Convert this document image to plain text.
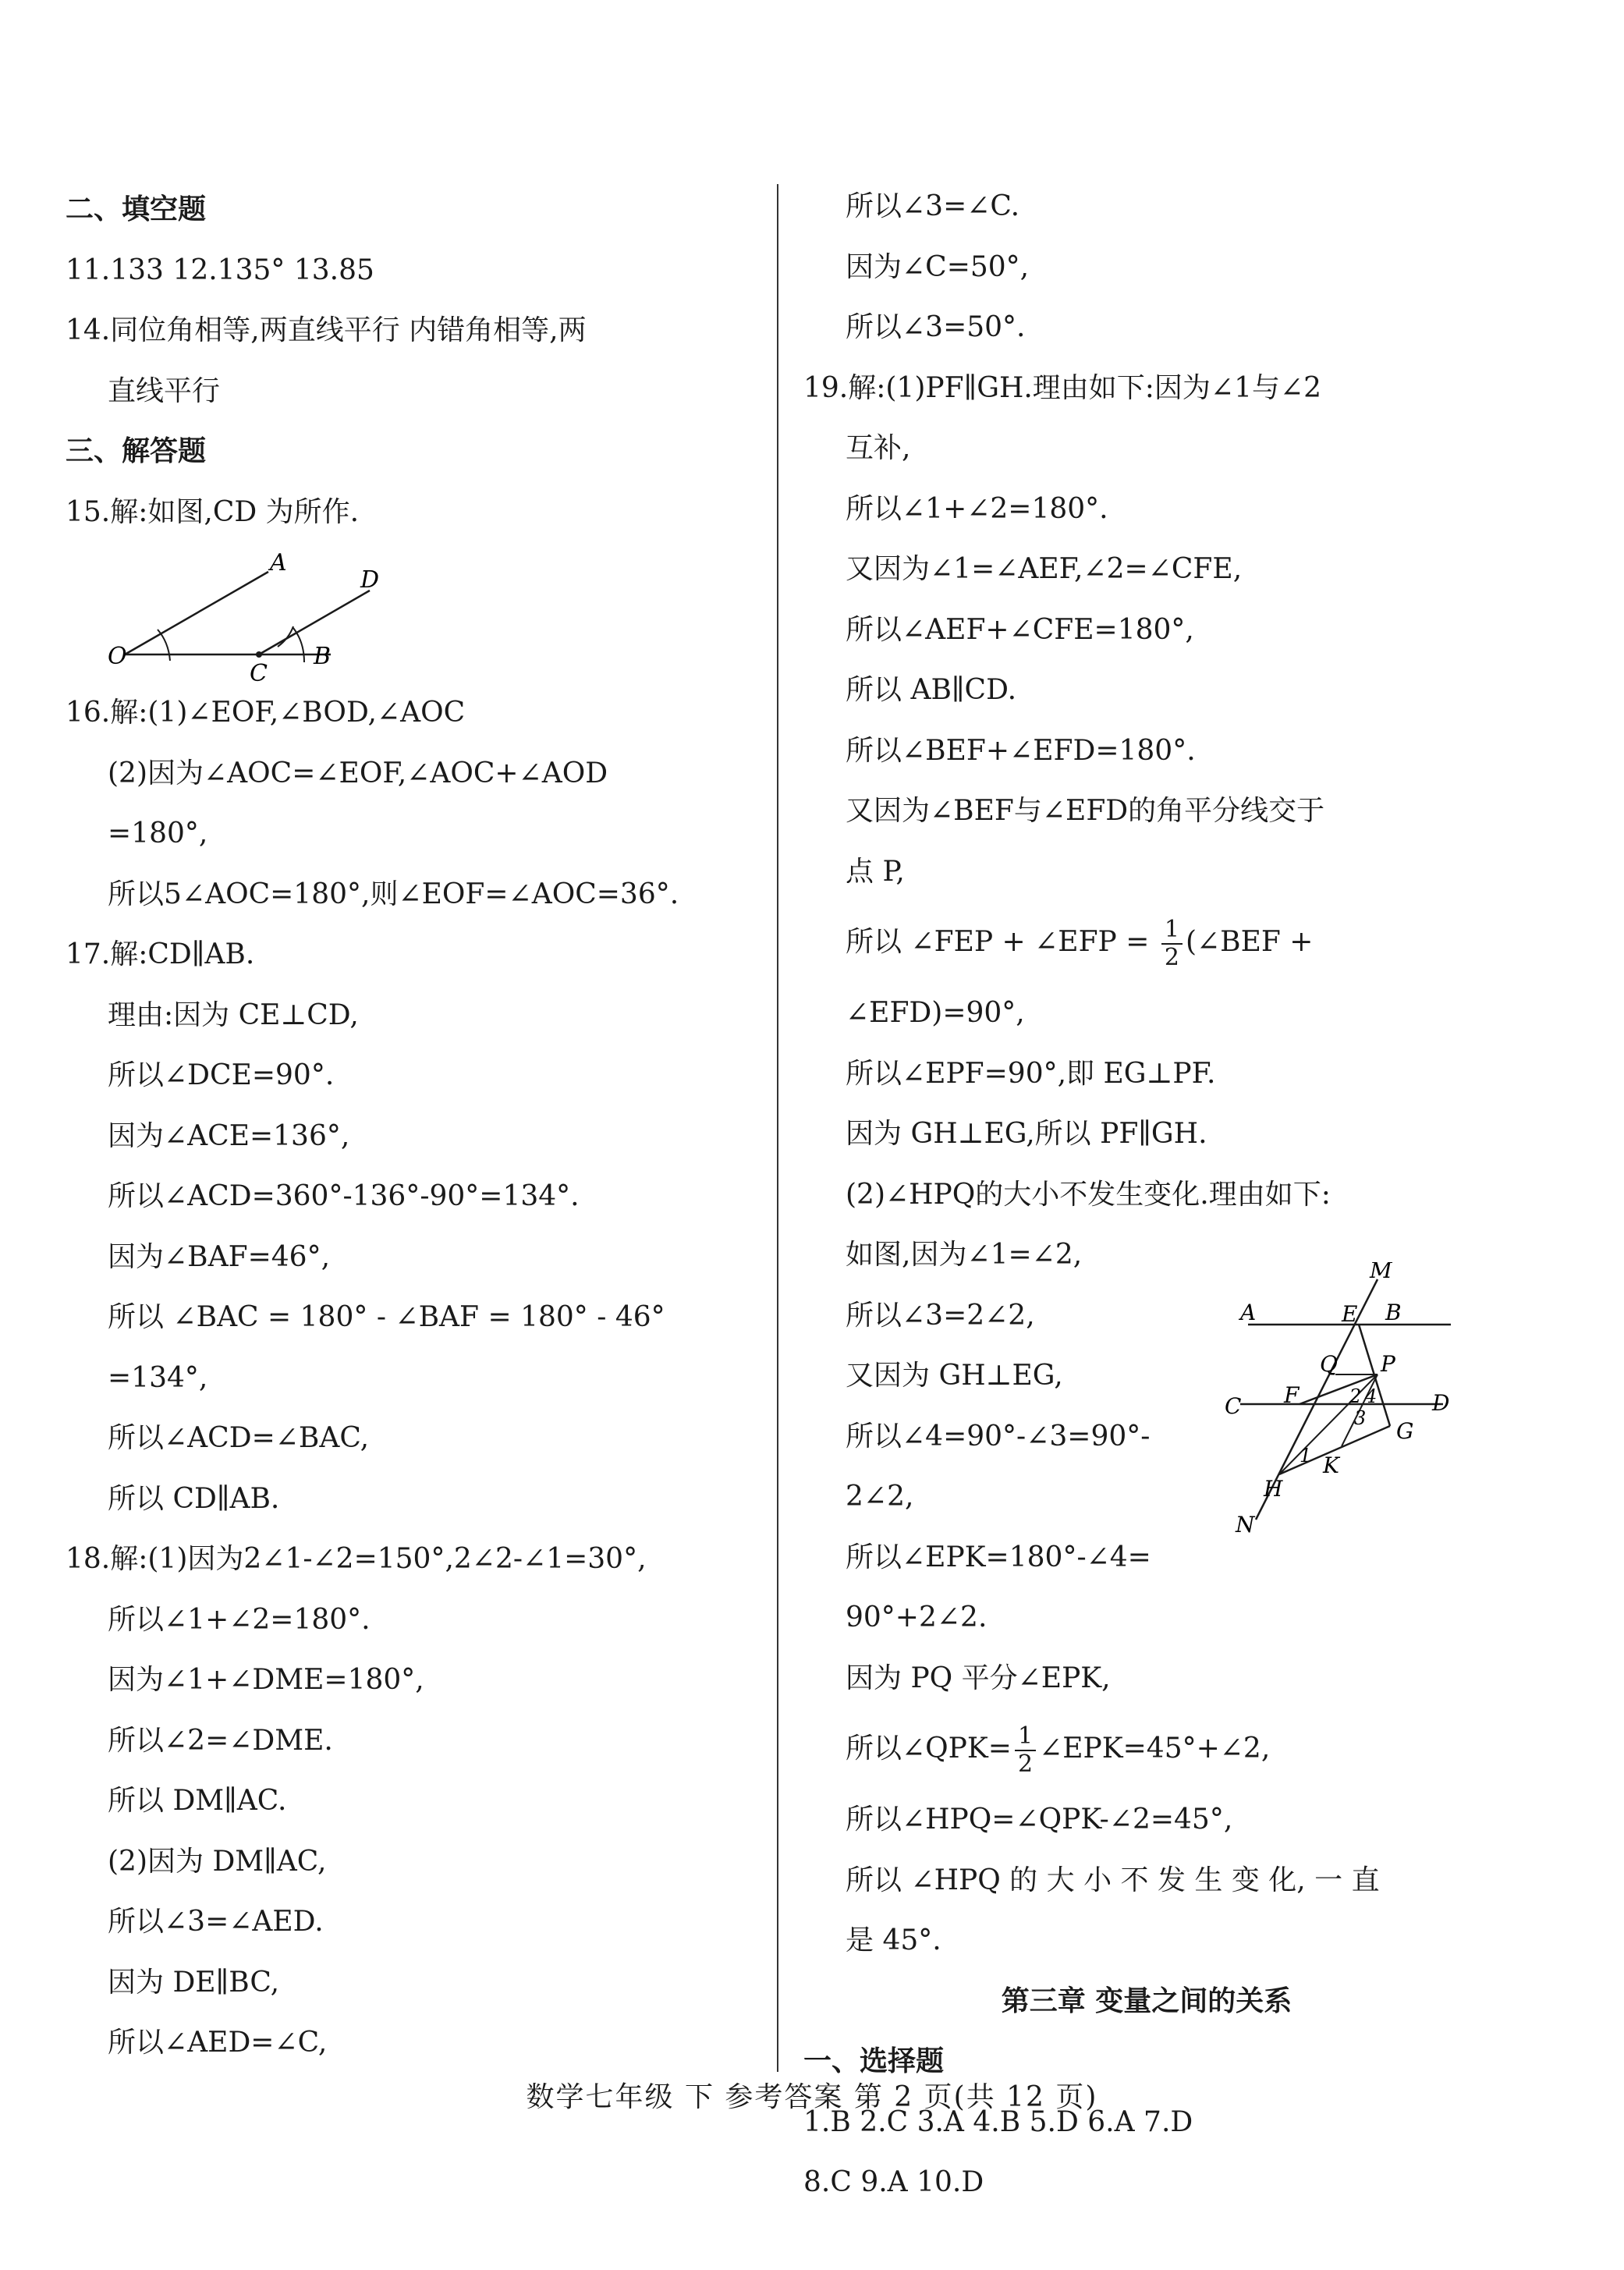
二、填空题
11.133 12.135° 13.85
14.同位角相等,两直线平行 内错角相等,两
直线平行
三、解答题
15.解:如图,CD 为所作.
A
D
O
C
B
16.解:(1)∠EOF,∠BOD,∠AOC
(2)因为∠AOC=∠EOF,∠AOC+∠AOD
=180°,
所以5∠AOC=180°,则∠EOF=∠AOC=36°.
17.解:CD∥AB.
理由:因为 CE⊥CD,
所以∠DCE=90°.
因为∠ACE=136°,
所以∠ACD=360°-136°-90°=134°.
因为∠BAF=46°,
所以 ∠BAC = 180° - ∠BAF = 180° - 46°
=134°,
所以∠ACD=∠BAC,
所以 CD∥AB.
18.解:(1)因为2∠1-∠2=150°,2∠2-∠1=30°,
所以∠1+∠2=180°.
因为∠1+∠DME=180°,
所以∠2=∠DME.
所以 DM∥AC.
(2)因为 DM∥AC,
所以∠3=∠AED.
因为 DE∥BC,
所以∠AED=∠C,
所以∠3=∠C.
因为∠C=50°,
所以∠3=50°.
19.解:(1)PF∥GH.理由如下:因为∠1与∠2
互补,
所以∠1+∠2=180°.
又因为∠1=∠AEF,∠2=∠CFE,
所以∠AEF+∠CFE=180°,
所以 AB∥CD.
所以∠BEF+∠EFD=180°.
又因为∠BEF与∠EFD的角平分线交于
点 P,
所以 ∠FEP + ∠EFP = $\frac{1}{2}$ (∠BEF +
∠EFD)=90°,
所以∠EPF=90°,即 EG⊥PF.
因为 GH⊥EG,所以 PF∥GH.
(2)∠HPQ的大小不发生变化.理由如下:
如图,因为∠1=∠2,
所以∠3=2∠2,
M
A	E B
Q P
C F	2 4	D
3 G
1 K
H
N
又因为 GH⊥EG,
所以∠4=90°-∠3=90°-
2∠2,
所以∠EPK=180°-∠4=
90°+2∠2.
因为 PQ 平分∠EPK,
所以∠QPK= $\frac{1}{2}$ ∠EPK=45°+∠2,
所以∠HPQ=∠QPK-∠2=45°,
所以 ∠HPQ 的 大 小 不 发 生 变 化, 一 直
是 45°.
第三章 变量之间的关系
一、选择题
1.B 2.C 3.A 4.B 5.D 6.A 7.D
8.C 9.A 10.D
数学七年级 下 参考答案 第 2 页(共 12 页)
